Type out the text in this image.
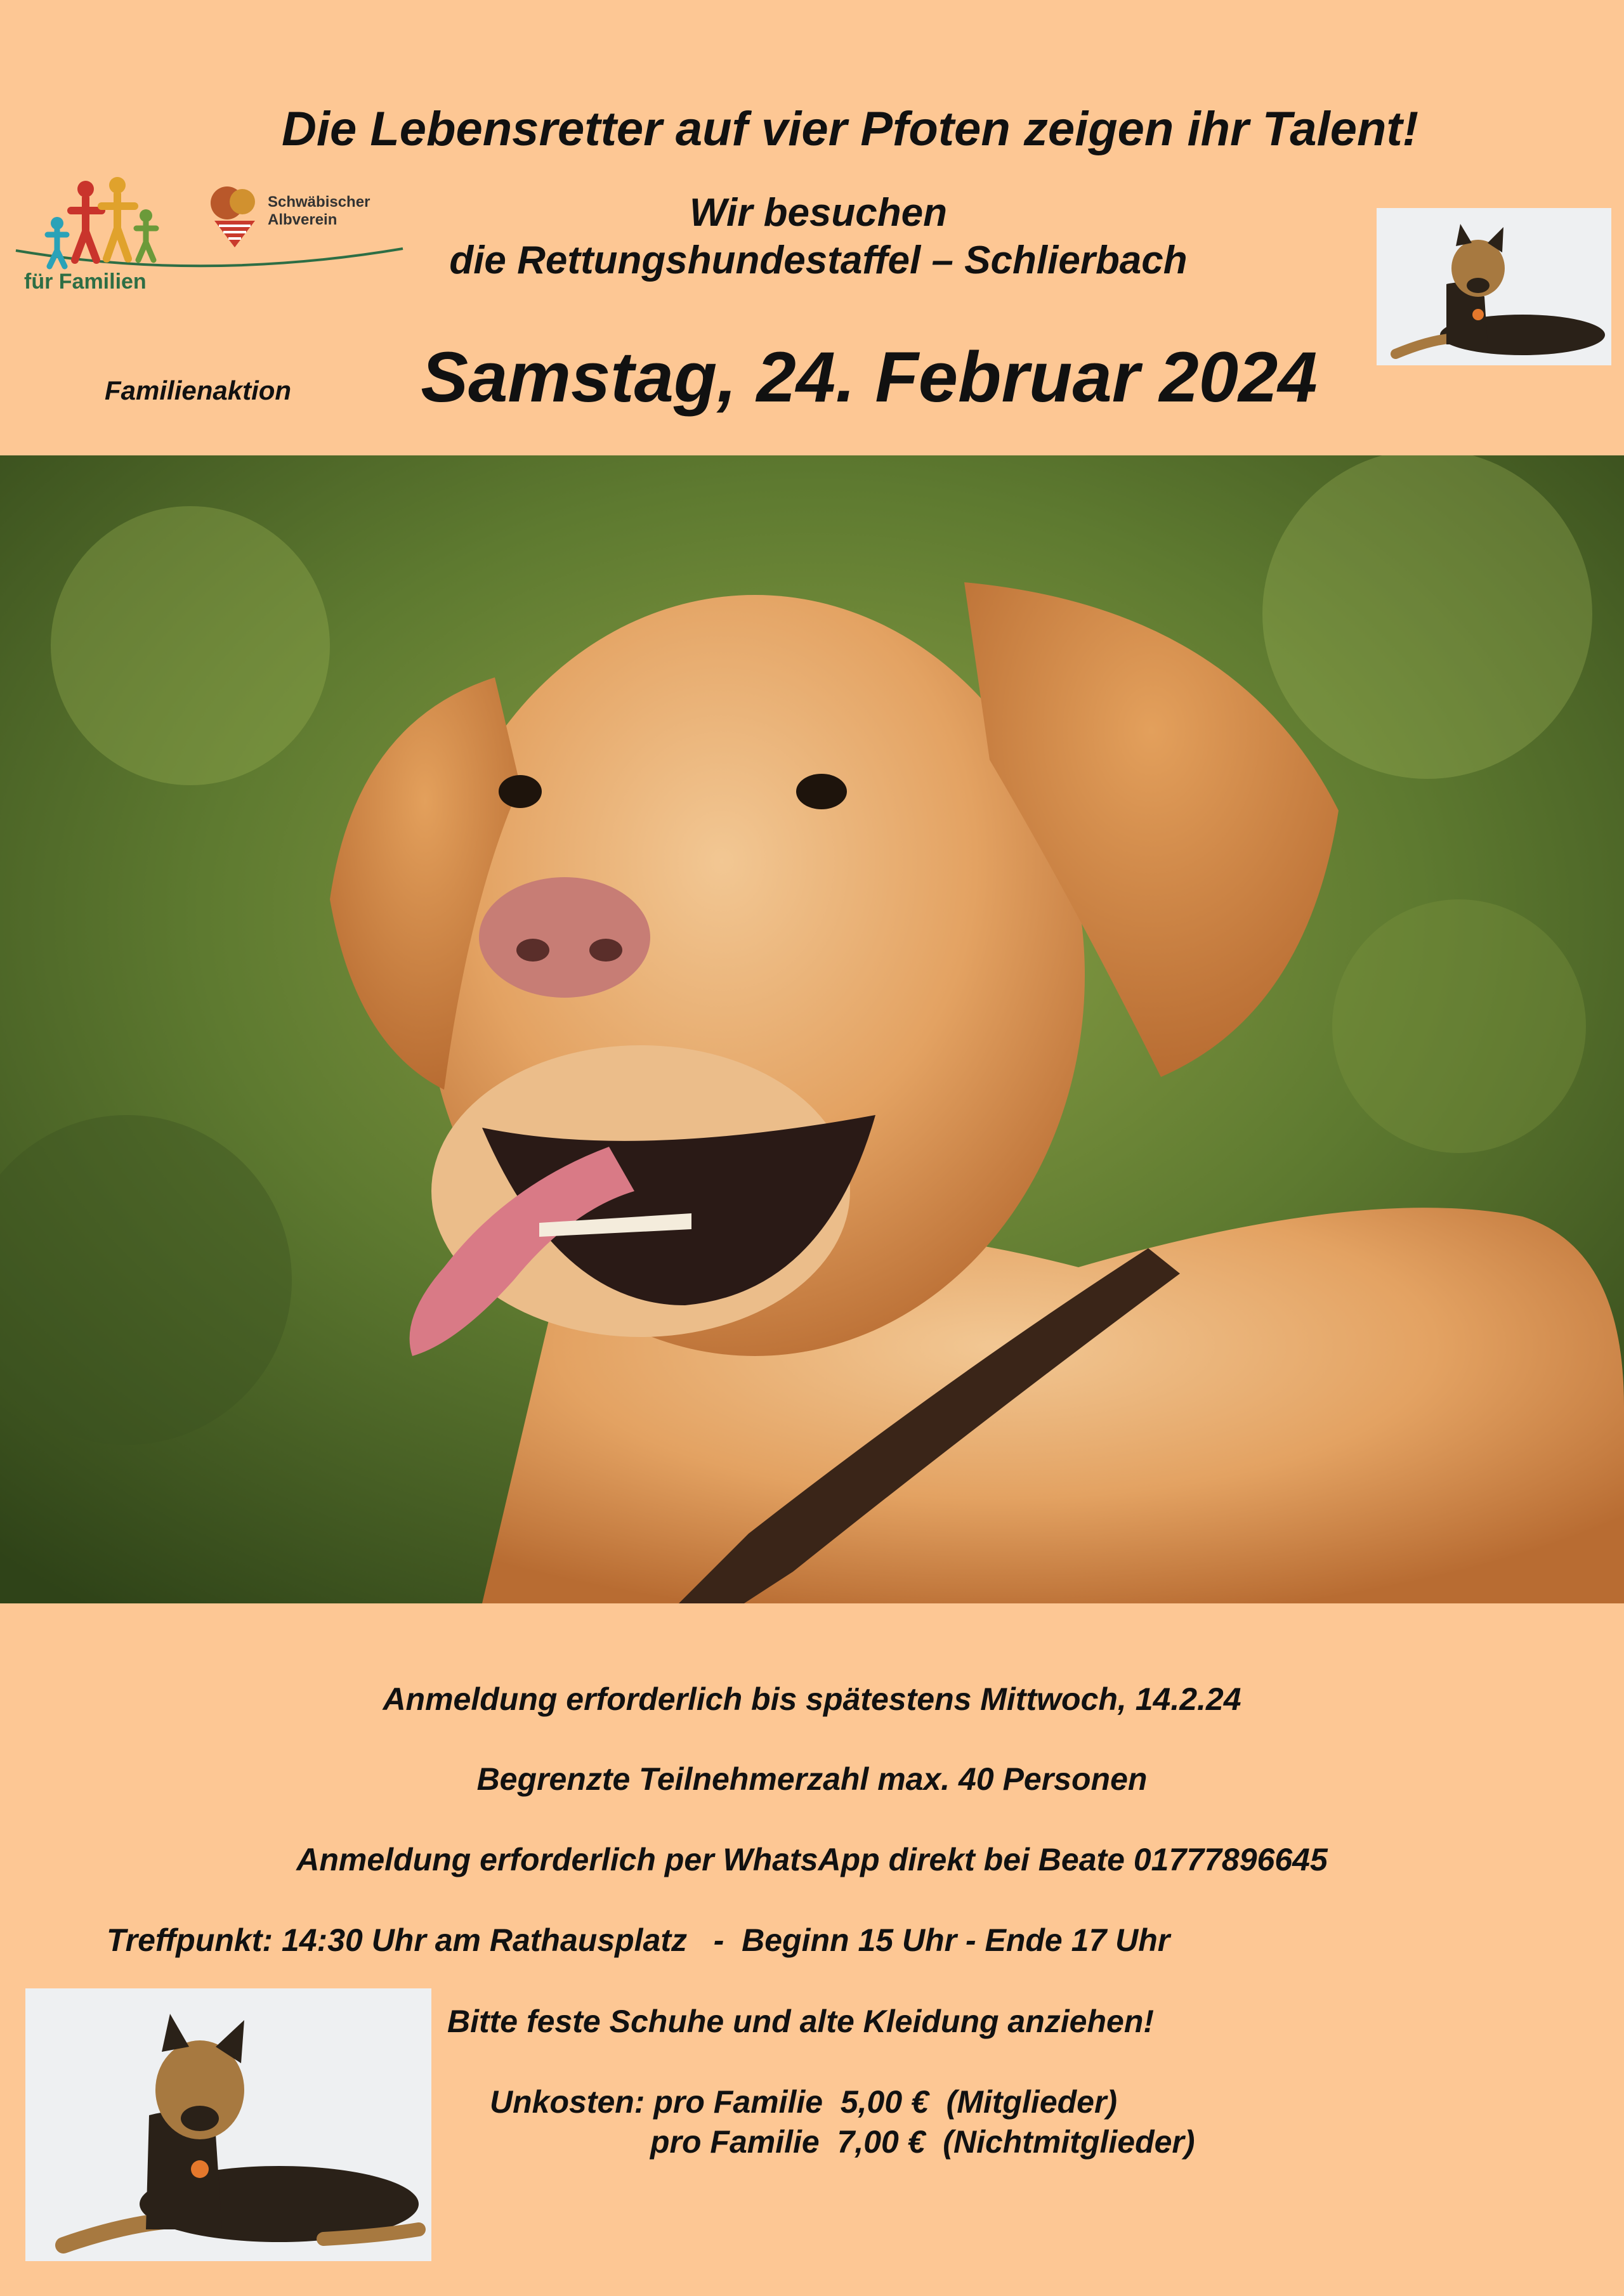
für Familien
Schwäbischer
Albverein
Die Lebensretter auf vier Pfoten zeigen ihr Talent!
Wir besuchen
die Rettungshundestaffel – Schlierbach
Familienaktion	Samstag, 24. Februar 2024
Anmeldung erforderlich bis spätestens Mittwoch, 14.2.24
Begrenzte Teilnehmerzahl max. 40 Personen
Anmeldung erforderlich per WhatsApp direkt bei Beate 01777896645
Treffpunkt: 14:30 Uhr am Rathausplatz   -  Beginn 15 Uhr - Ende 17 Uhr
Bitte feste Schuhe und alte Kleidung anziehen!
Unkosten: pro Familie  5,00 €  (Mitglieder)
pro Familie  7,00 €  (Nichtmitglieder)
